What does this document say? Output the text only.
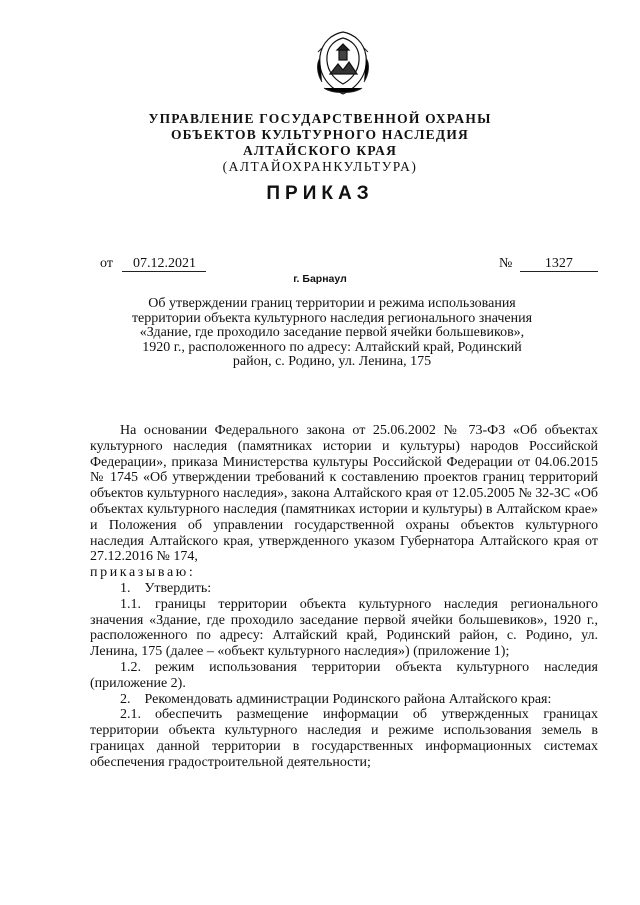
УПРАВЛЕНИЕ ГОСУДАРСТВЕННОЙ ОХРАНЫ
ОБЪЕКТОВ КУЛЬТУРНОГО НАСЛЕДИЯ
АЛТАЙСКОГО КРАЯ
(АЛТАЙОХРАНКУЛЬТУРА)
ПРИКАЗ
от 07.12.2021	№ 1327
г. Барнаул
Об утверждении границ территории и режима использования территории объекта культурного наследия регионального значения «Здание, где проходило заседание первой ячейки большевиков», 1920 г., расположенного по адресу: Алтайский край, Родинский район, с. Родино, ул. Ленина, 175

На основании Федерального закона от 25.06.2002 № 73-ФЗ «Об объектах культурного наследия (памятниках истории и культуры) народов Российской Федерации», приказа Министерства культуры Российской Федерации от 04.06.2015 № 1745 «Об утверждении требований к составлению проектов границ территорий объектов культурного наследия», закона Алтайского края от 12.05.2005 № 32-ЗС «Об объектах культурного наследия (памятниках истории и культуры) в Алтайском крае» и Положения об управлении государственной охраны объектов культурного наследия Алтайского края, утвержденного указом Губернатора Алтайского края от 27.12.2016 № 174,

приказываю:

1. Утвердить:

1.1. границы территории объекта культурного наследия регионального значения «Здание, где проходило заседание первой ячейки большевиков», 1920 г., расположенного по адресу: Алтайский край, Родинский район, с. Родино, ул. Ленина, 175 (далее – «объект культурного наследия») (приложение 1);

1.2. режим использования территории объекта культурного наследия (приложение 2).

2. Рекомендовать администрации Родинского района Алтайского края:

2.1. обеспечить размещение информации об утвержденных границах территории объекта культурного наследия и режиме использования земель в границах данной территории в государственных информационных системах обеспечения градостроительной деятельности;
